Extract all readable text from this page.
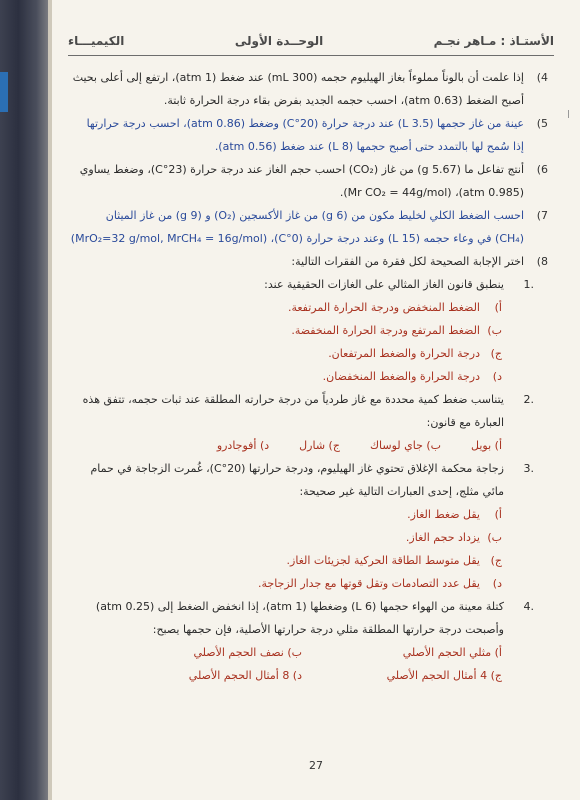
الأستـاذ : مـاهر نجـم
الوحــدة الأولى
الكيميـــاء
4)
إذا علمت أن بالوناً مملوءاً بغاز الهيليوم حجمه (300 mL) عند ضغط (1 atm)، ارتفع إلى أعلى بحيث
أصبح الضغط (0.63 atm)، احسب حجمه الجديد بفرض بقاء درجة الحرارة ثابتة.
5)
عينة من غاز حجمها (3.5 L) عند درجة حرارة (20°C) وضغط (0.86 atm)، احسب درجة حرارتها
إذا سُمح لها بالتمدد حتى أصبح حجمها (8 L) عند ضغط (0.56 atm).
6)
أنتج تفاعل ما (5.67 g) من غاز (CO₂) احسب حجم الغاز عند درجة حرارة (23°C)، وضغط يساوي
(0.985 atm)، (Mr CO₂ = 44g/mol).
7)
احسب الضغط الكلي لخليط مكون من (6 g) من غاز الأكسجين (O₂) و (9 g) من غاز الميثان
(CH₄) في وعاء حجمه (15 L) وعند درجة حرارة (0°C)، (MrO₂=32 g/mol, MrCH₄ = 16g/mol)
8)
اختر الإجابة الصحيحة لكل فقرة من الفقرات التالية:
.1
ينطبق قانون الغاز المثالي على الغازات الحقيقية عند:
أ)
الضغط المنخفض ودرجة الحرارة المرتفعة.
ب)
الضغط المرتفع ودرجة الحرارة المنخفضة.
ج)
درجة الحرارة والضغط المرتفعان.
د)
درجة الحرارة والضغط المنخفضان.
.2
يتناسب ضغط كمية محددة مع غاز طردياً من درجة حرارته المطلقة عند ثبات حجمه، تتفق هذه
العبارة مع قانون:
أ) بويل
ب) جاي لوساك
ج) شارل
د) أفوجادرو
.3
زجاجة محكمة الإغلاق تحتوي غاز الهيليوم، ودرجة حرارتها (20°C)، غُمرت الزجاجة في حمام
مائي مثلج، إحدى العبارات التالية غير صحيحة:
أ)
يقل ضغط الغاز.
ب)
يزداد حجم الغاز.
ج)
يقل متوسط الطاقة الحركية لجزيئات الغاز.
د)
يقل عدد التصادمات وتقل قوتها مع جدار الزجاجة.
.4
كتلة معينة من الهواء حجمها (6 L) وضغطها (1 atm)، إذا انخفض الضغط إلى (0.25 atm)
وأصبحت درجة حرارتها المطلقة مثلي درجة حرارتها الأصلية، فإن حجمها يصبح:
أ) مثلي الحجم الأصلي
ب) نصف الحجم الأصلي
ج) 4 أمثال الحجم الأصلي
د) 8 أمثال الحجم الأصلي
27
